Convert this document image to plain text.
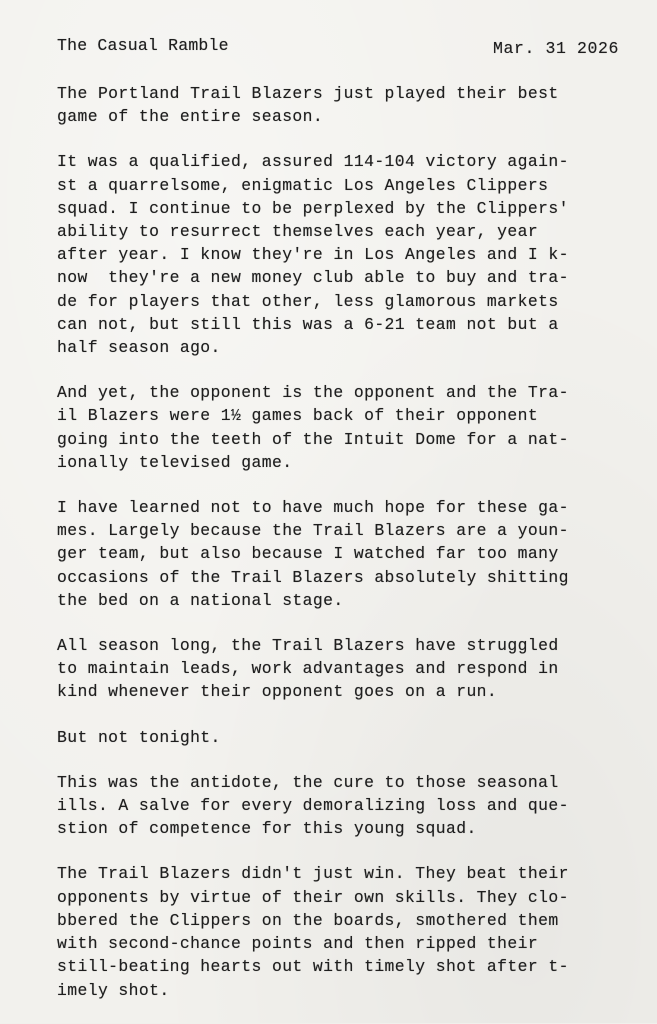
The Casual Ramble	Mar. 31 2026
The Portland Trail Blazers just played their best
game of the entire season.
It was a qualified, assured 114-104 victory again-
st a quarrelsome, enigmatic Los Angeles Clippers
squad. I continue to be perplexed by the Clippers'
ability to resurrect themselves each year, year
after year. I know they're in Los Angeles and I k-
now  they're a new money club able to buy and tra-
de for players that other, less glamorous markets
can not, but still this was a 6-21 team not but a
half season ago.
And yet, the opponent is the opponent and the Tra-
il Blazers were 1½ games back of their opponent
going into the teeth of the Intuit Dome for a nat-
ionally televised game.
I have learned not to have much hope for these ga-
mes. Largely because the Trail Blazers are a youn-
ger team, but also because I watched far too many
occasions of the Trail Blazers absolutely shitting
the bed on a national stage.
All season long, the Trail Blazers have struggled
to maintain leads, work advantages and respond in
kind whenever their opponent goes on a run.
But not tonight.
This was the antidote, the cure to those seasonal
ills. A salve for every demoralizing loss and que-
stion of competence for this young squad.
The Trail Blazers didn't just win. They beat their
opponents by virtue of their own skills. They clo-
bbered the Clippers on the boards, smothered them
with second-chance points and then ripped their
still-beating hearts out with timely shot after t-
imely shot.
